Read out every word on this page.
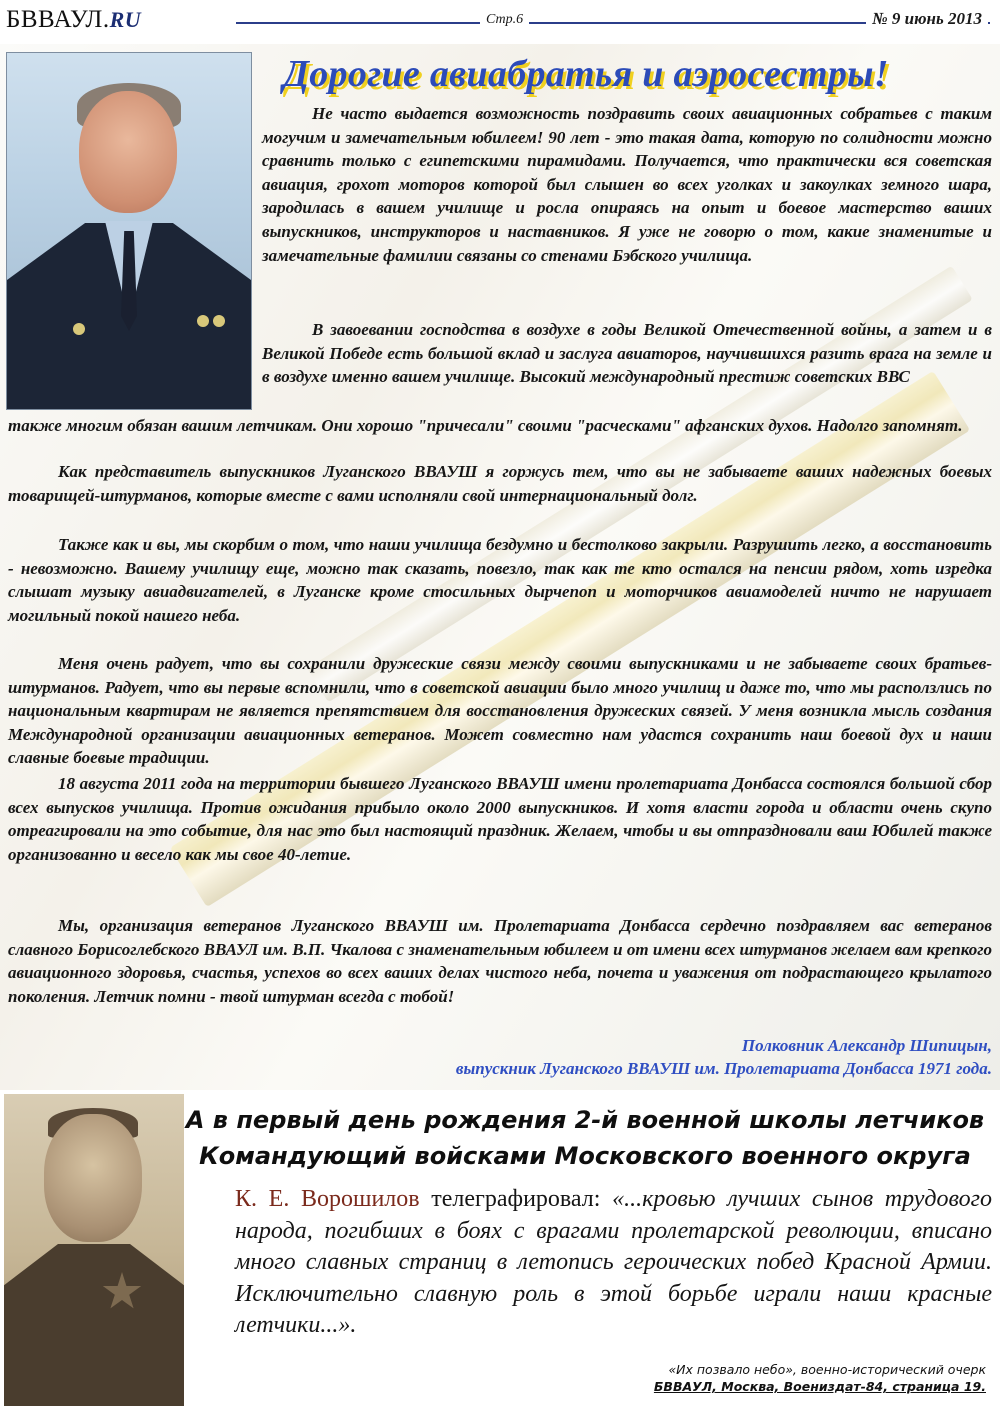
БВВАУЛ.RU	Стр.6	№ 9 июнь 2013
Дорогие авиабратья и аэросестры!

Не часто выдается возможность поздравить своих авиационных собратьев с таким могучим и замечательным юбилеем! 90 лет - это такая дата, которую по солидности можно сравнить только с египетскими пирамидами. Получается, что практически вся советская авиация, грохот моторов которой был слышен во всех уголках и закоулках земного шара, зародилась в вашем училище и росла опираясь на опыт и боевое мастерство ваших выпускников, инструкторов и наставников. Я уже не говорю о том, какие знаменитые и замечательные фамилии связаны со стенами Бэбского училища.

В завоевании господства в воздухе в годы Великой Отечественной войны, а затем и в Великой Победе есть большой вклад и заслуга авиаторов, научившихся разить врага на земле и в воздухе именно вашем училище. Высокий международный престиж советских ВВС

также многим обязан вашим летчикам. Они хорошо "причесали" своими "расческами" афганских духов. Надолго запомнят.

Как представитель выпускников Луганского ВВАУШ я горжусь тем, что вы не забываете ваших надежных боевых товарищей-штурманов, которые вместе с вами исполняли свой интернациональный долг.

Также как и вы, мы скорбим о том, что наши училища бездумно и бестолково закрыли. Разрушить легко, а восстановить - невозможно. Вашему училищу еще, можно так сказать, повезло, так как те кто остался на пенсии рядом, хоть изредка слышат музыку авиадвигателей, в Луганске кроме стосильных дырчепоп и моторчиков авиамоделей ничто не нарушает могильный покой нашего неба.

Меня очень радует, что вы сохранили дружеские связи между своими выпускниками и не забываете своих братьев-штурманов. Радует, что вы первые вспомнили, что в советской авиации было много училищ и даже то, что мы расползлись по национальным квартирам не является препятствием для восстановления дружеских связей. У меня возникла мысль создания Международной организации авиационных ветеранов. Может совместно нам удастся сохранить наш боевой дух и наши славные боевые традиции.

18 августа 2011 года на территории бывшего Луганского ВВАУШ имени пролетариата Донбасса состоялся большой сбор всех выпусков училища. Против ожидания прибыло около 2000 выпускников. И хотя власти города и области очень скупо отреагировали на это событие, для нас это был настоящий праздник. Желаем, чтобы и вы отпраздновали ваш Юбилей также организованно и весело как мы свое 40-летие.

Мы, организация ветеранов Луганского ВВАУШ им. Пролетариата Донбасса сердечно поздравляем вас ветеранов славного Борисоглебского ВВАУЛ им. В.П. Чкалова с знаменательным юбилеем и от имени всех штурманов желаем вам крепкого авиационного здоровья, счастья, успехов во всех ваших делах чистого неба, почета и уважения от подрастающего крылатого поколения. Летчик помни - твой штурман всегда с тобой!

Полковник Александр Шипицын,
выпускник Луганского ВВАУШ им. Пролетариата Донбасса 1971 года.
А в первый день рождения 2-й военной школы летчиков
Командующий войсками Московского военного округа
К. Е. Ворошилов телеграфировал: «...кровью лучших сынов трудового народа, погибших в боях с врагами пролетарской революции, вписано много славных страниц в летопись героических побед Красной Армии. Исключительно славную роль в этой борьбе играли наши красные летчики...».
«Их позвало небо», военно-исторический очерк
БВВАУЛ, Москва, Воениздат-84, страница 19.
